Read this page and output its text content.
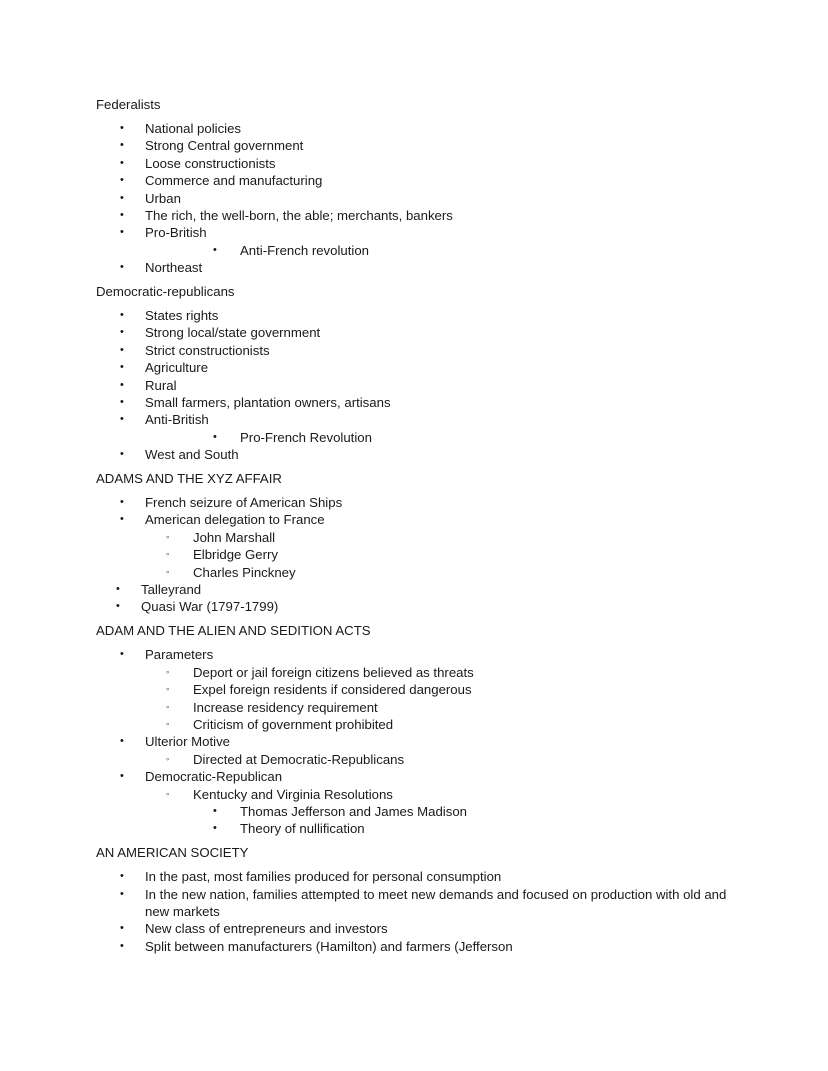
Federalists
• National policies
• Strong Central government
• Loose constructionists
• Commerce and manufacturing
• Urban
• The rich, the well-born, the able; merchants, bankers
• Pro-British
• Anti-French revolution
• Northeast
Democratic-republicans
• States rights
• Strong local/state government
• Strict constructionists
• Agriculture
• Rural
• Small farmers, plantation owners, artisans
• Anti-British
• Pro-French Revolution
• West and South
ADAMS AND THE XYZ AFFAIR
• French seizure of American Ships
• American delegation to France
◦ John Marshall
◦ Elbridge Gerry
◦ Charles Pinckney
• Talleyrand
• Quasi War (1797-1799)
ADAM AND THE ALIEN AND SEDITION ACTS
• Parameters
◦ Deport or jail foreign citizens believed as threats
◦ Expel foreign residents if considered dangerous
◦ Increase residency requirement
◦ Criticism of government prohibited
• Ulterior Motive
◦ Directed at Democratic-Republicans
• Democratic-Republican
◦ Kentucky and Virginia Resolutions
• Thomas Jefferson and James Madison
• Theory of nullification
AN AMERICAN SOCIETY
• In the past, most families produced for personal consumption
• In the new nation, families attempted to meet new demands and focused on production with old and new markets
• New class of entrepreneurs and investors
• Split between manufacturers (Hamilton) and farmers (Jefferson
